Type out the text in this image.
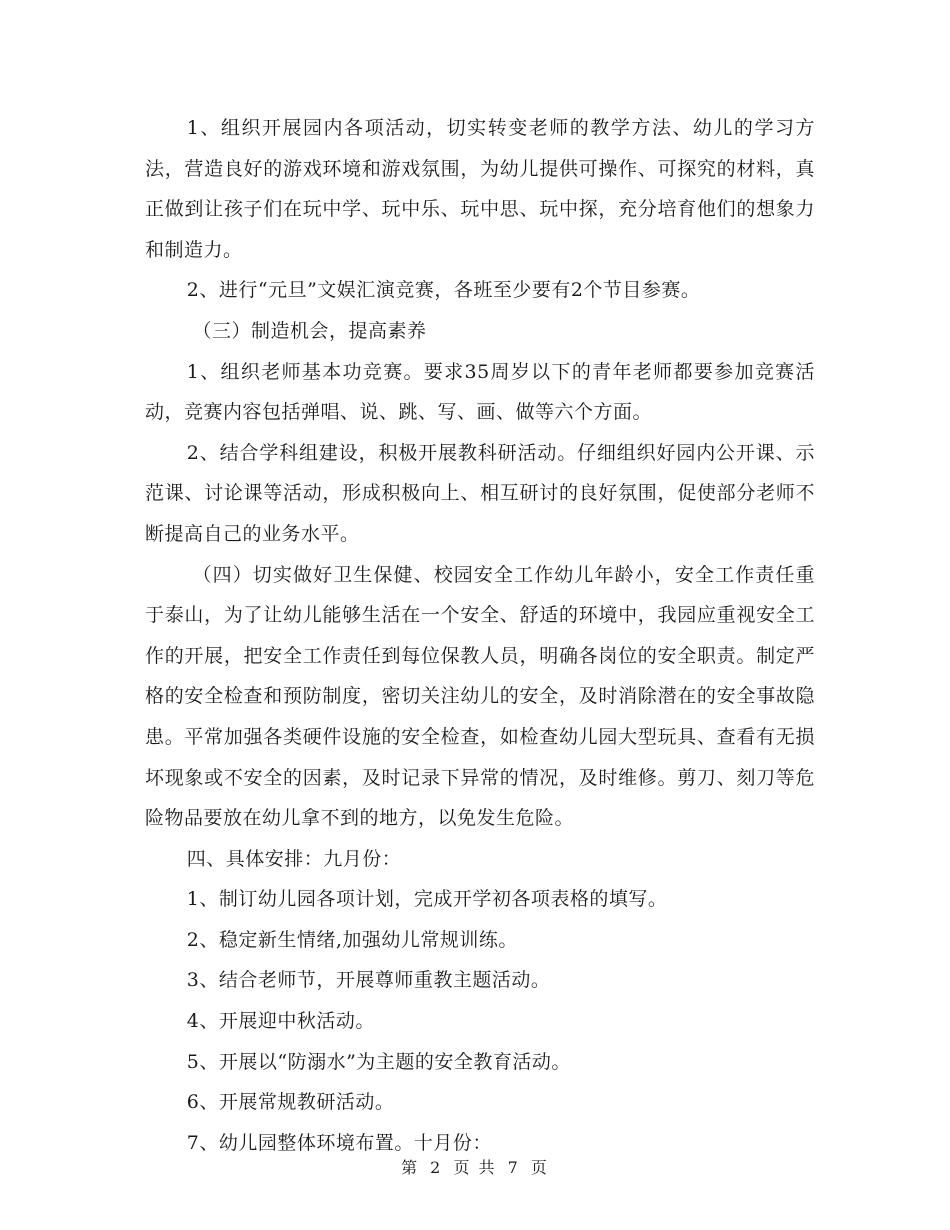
1、组织开展园内各项活动，切实转变老师的教学方法、幼儿的学习方法，营造良好的游戏环境和游戏氛围，为幼儿提供可操作、可探究的材料，真正做到让孩子们在玩中学、玩中乐、玩中思、玩中探，充分培育他们的想象力和制造力。

2、进行“元旦”文娱汇演竞赛，各班至少要有2个节目参赛。

（三）制造机会，提高素养

1、组织老师基本功竞赛。要求35周岁以下的青年老师都要参加竞赛活动，竞赛内容包括弹唱、说、跳、写、画、做等六个方面。

2、结合学科组建设，积极开展教科研活动。仔细组织好园内公开课、示范课、讨论课等活动，形成积极向上、相互研讨的良好氛围，促使部分老师不断提高自己的业务水平。

（四）切实做好卫生保健、校园安全工作幼儿年龄小，安全工作责任重于泰山，为了让幼儿能够生活在一个安全、舒适的环境中，我园应重视安全工作的开展，把安全工作责任到每位保教人员，明确各岗位的安全职责。制定严格的安全检查和预防制度，密切关注幼儿的安全，及时消除潜在的安全事故隐患。平常加强各类硬件设施的安全检查，如检查幼儿园大型玩具、查看有无损坏现象或不安全的因素，及时记录下异常的情况，及时维修。剪刀、刻刀等危险物品要放在幼儿拿不到的地方，以免发生危险。

四、具体安排：九月份：

1、制订幼儿园各项计划，完成开学初各项表格的填写。

2、稳定新生情绪,加强幼儿常规训练。

3、结合老师节，开展尊师重教主题活动。

4、开展迎中秋活动。

5、开展以“防溺水”为主题的安全教育活动。

6、开展常规教研活动。

7、幼儿园整体环境布置。十月份：

第 2 页 共 7 页
